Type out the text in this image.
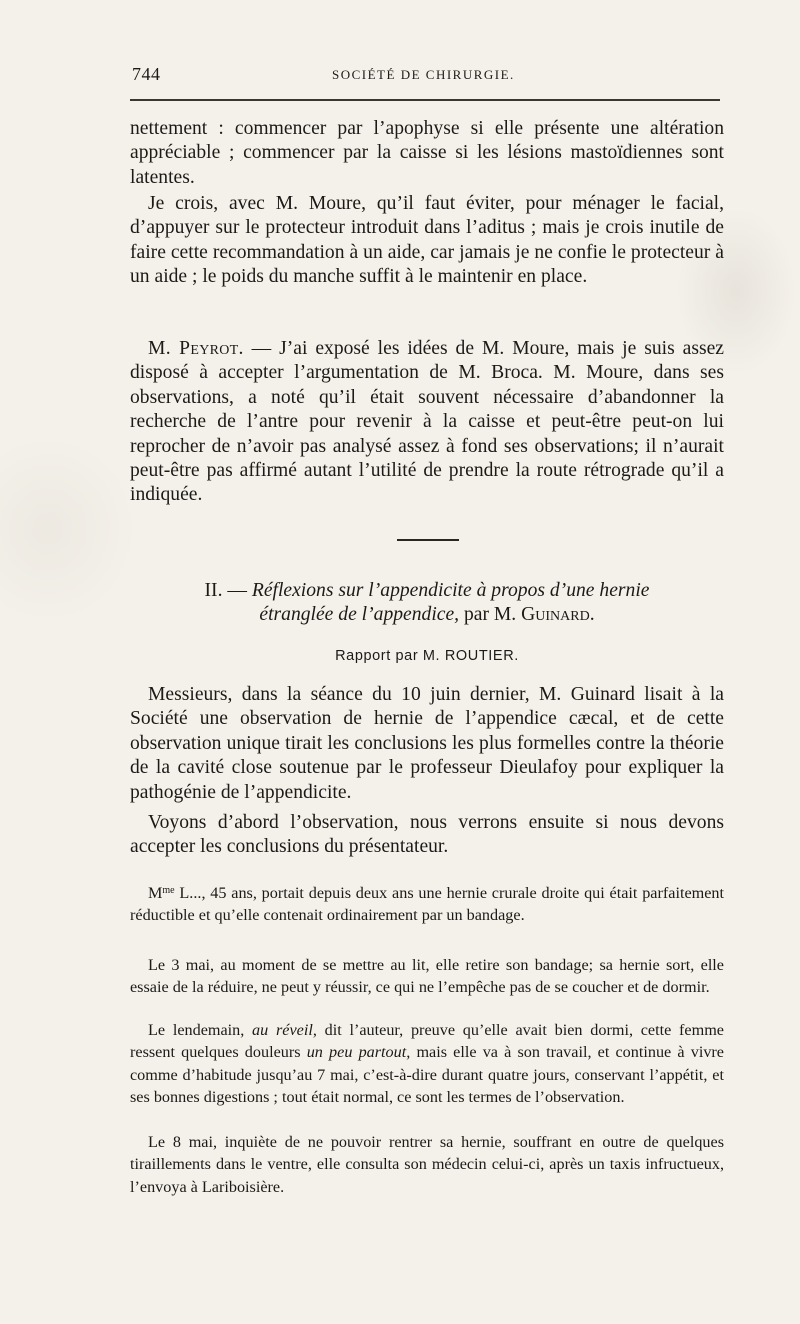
744	SOCIÉTÉ DE CHIRURGIE.

nettement : commencer par l’apophyse si elle présente une altération appréciable ; commencer par la caisse si les lésions mastoïdiennes sont latentes.

Je crois, avec M. Moure, qu’il faut éviter, pour ménager le facial, d’appuyer sur le protecteur introduit dans l’aditus ; mais je crois inutile de faire cette recommandation à un aide, car jamais je ne confie le protecteur à un aide ; le poids du manche suffit à le maintenir en place.

M. Peyrot. — J’ai exposé les idées de M. Moure, mais je suis assez disposé à accepter l’argumentation de M. Broca. M. Moure, dans ses observations, a noté qu’il était souvent nécessaire d’abandonner la recherche de l’antre pour revenir à la caisse et peut-être peut-on lui reprocher de n’avoir pas analysé assez à fond ses observations; il n’aurait peut-être pas affirmé autant l’utilité de prendre la route rétrograde qu’il a indiquée.

II. — Réflexions sur l’appendicite à propos d’une hernie
étranglée de l’appendice, par M. Guinard.
Rapport par M. ROUTIER.

Messieurs, dans la séance du 10 juin dernier, M. Guinard lisait à la Société une observation de hernie de l’appendice cæcal, et de cette observation unique tirait les conclusions les plus formelles contre la théorie de la cavité close soutenue par le professeur Dieulafoy pour expliquer la pathogénie de l’appendicite.

Voyons d’abord l’observation, nous verrons ensuite si nous devons accepter les conclusions du présentateur.

$M^{me}$ L..., 45 ans, portait depuis deux ans une hernie crurale droite qui était parfaitement réductible et qu’elle contenait ordinairement par un bandage.

Le 3 mai, au moment de se mettre au lit, elle retire son bandage; sa hernie sort, elle essaie de la réduire, ne peut y réussir, ce qui ne l’empêche pas de se coucher et de dormir.

Le lendemain, au réveil, dit l’auteur, preuve qu’elle avait bien dormi, cette femme ressent quelques douleurs un peu partout, mais elle va à son travail, et continue à vivre comme d’habitude jusqu’au 7 mai, c’est-à-dire durant quatre jours, conservant l’appétit, et ses bonnes digestions ; tout était normal, ce sont les termes de l’observation.

Le 8 mai, inquiète de ne pouvoir rentrer sa hernie, souffrant en outre de quelques tiraillements dans le ventre, elle consulta son médecin celui-ci, après un taxis infructueux, l’envoya à Lariboisière.
